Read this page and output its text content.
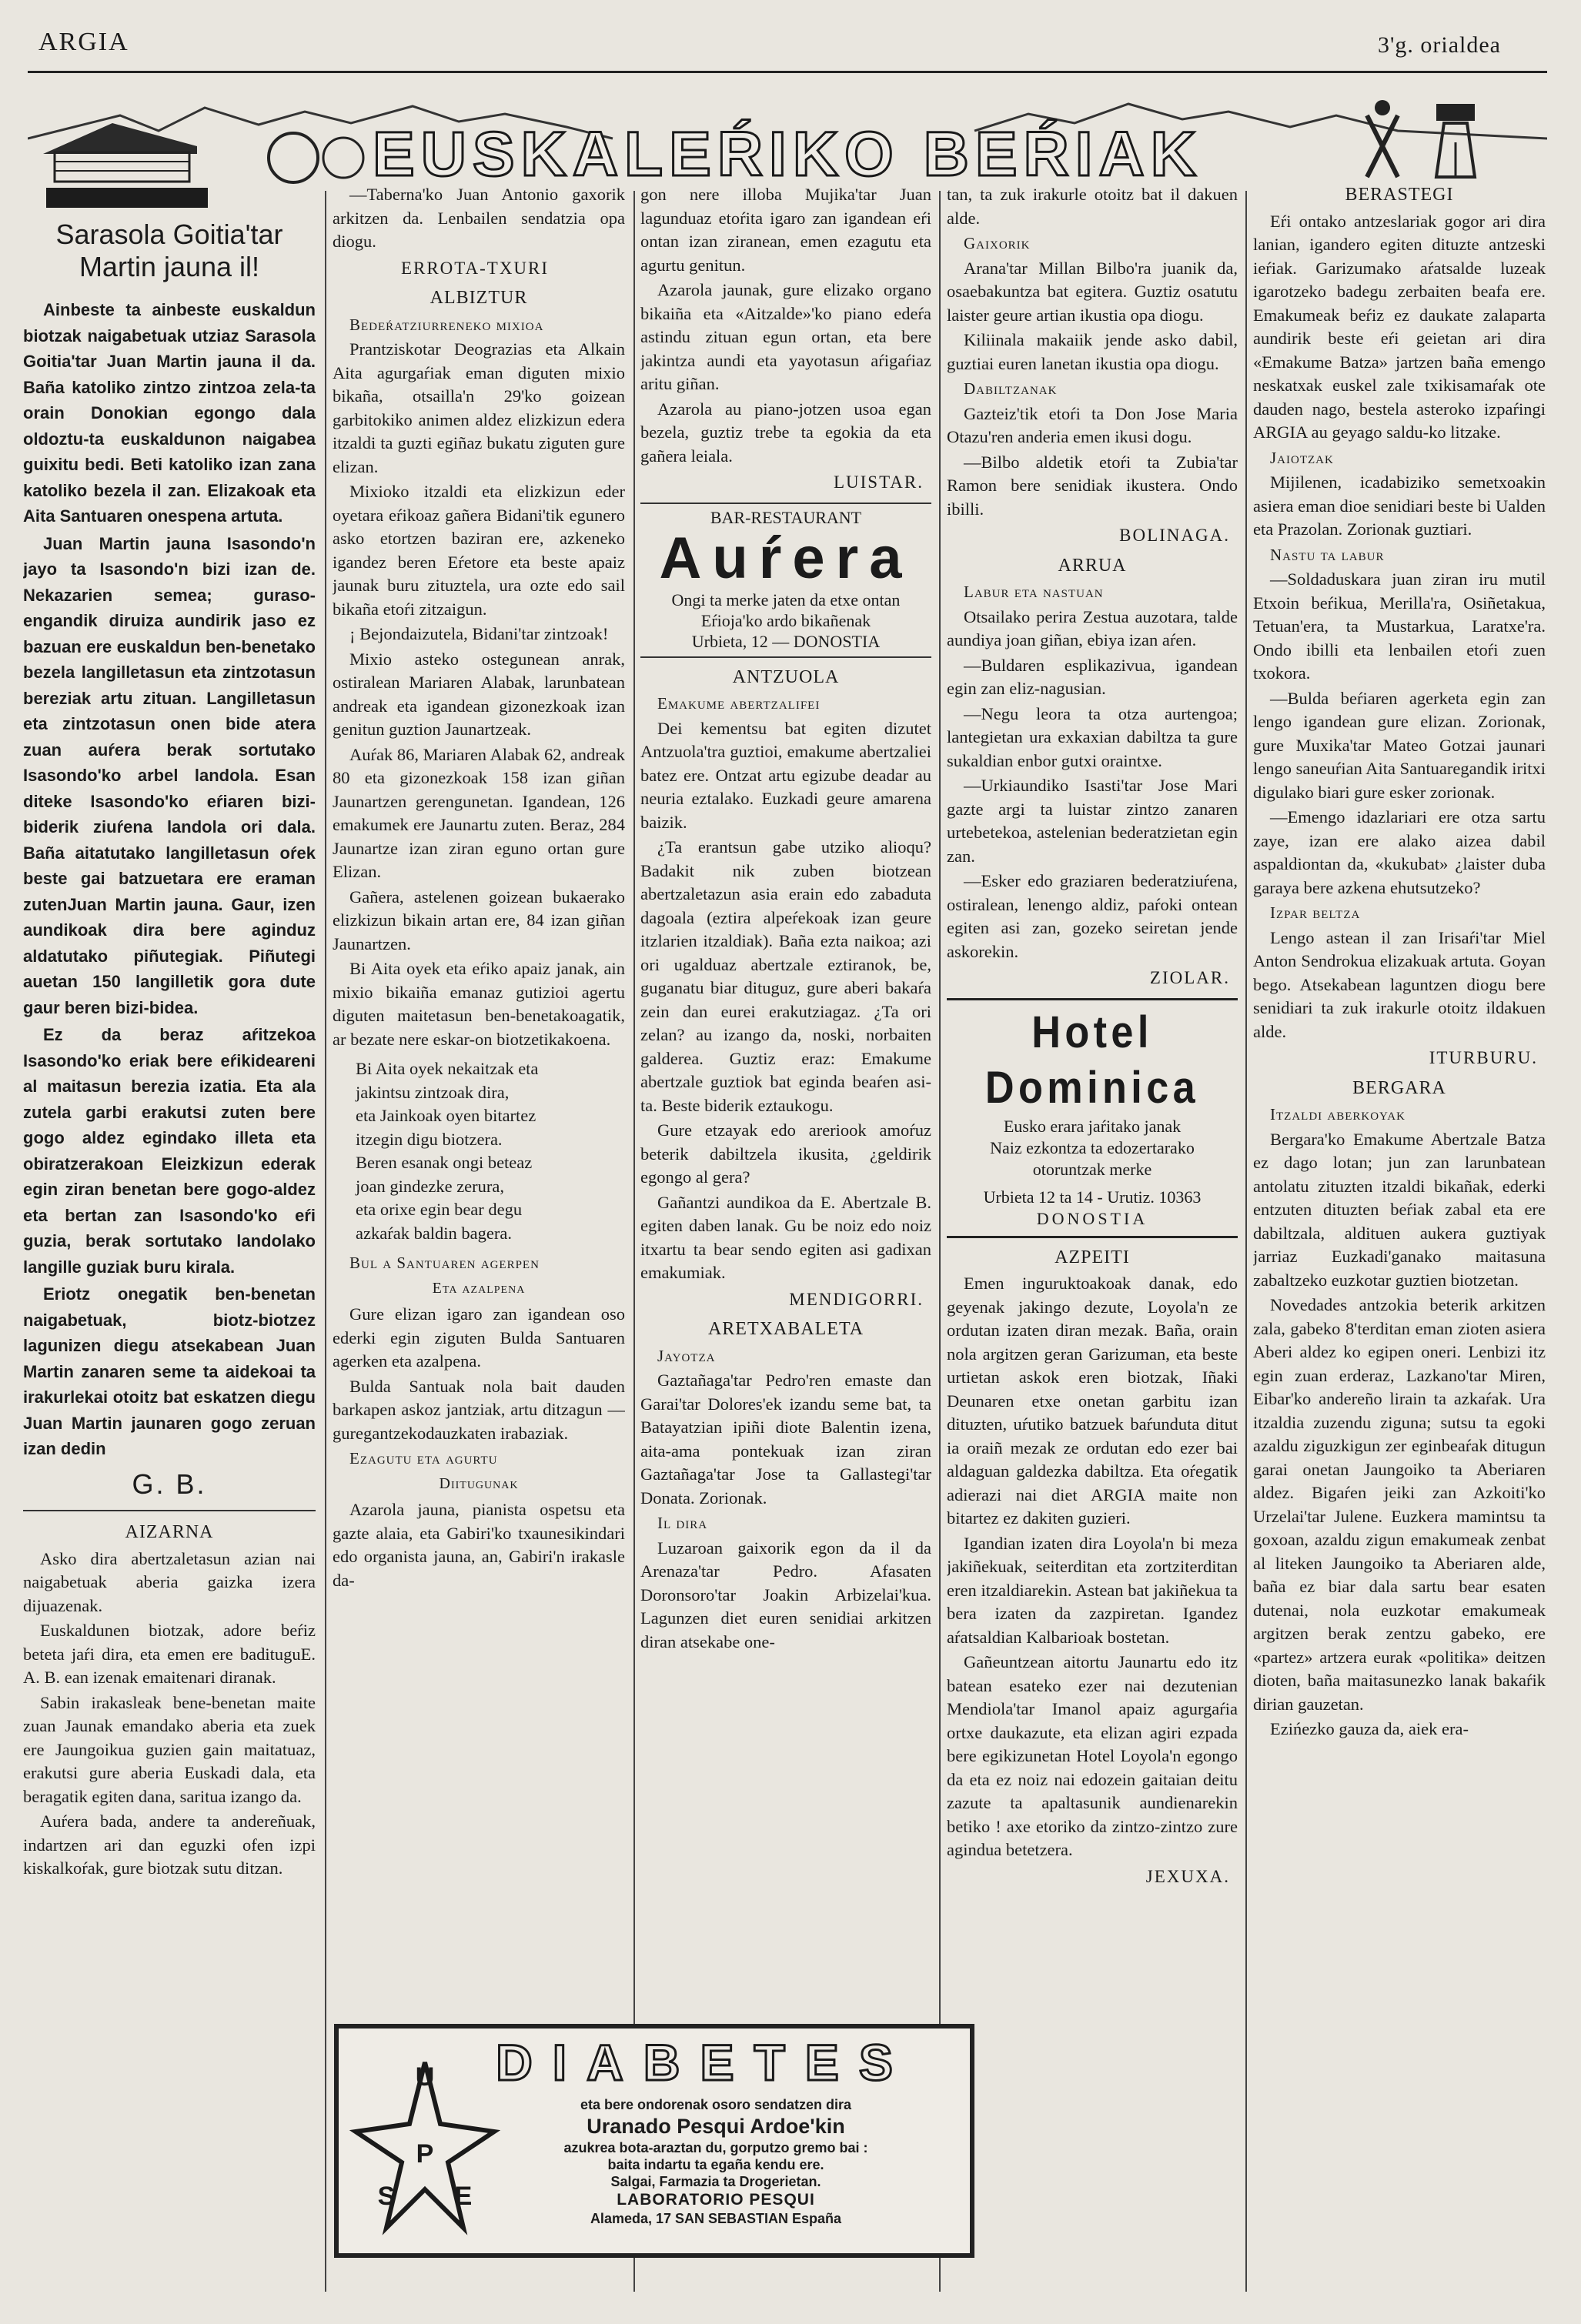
ARGIA	3'g. orialdea
EUSKALEŔIKO BEŔIAK
Sarasola Goitia'tar Martin jauna il!

Ainbeste ta ainbeste euskaldun biotzak naigabetuak utziaz Sarasola Goitia'tar Juan Martin jauna il da. Baña katoliko zintzo zintzoa zela-ta orain Donokian egongo dala oldoztu-ta euskaldunon naigabea guixitu bedi. Beti katoliko izan zana katoliko bezela il zan. Elizakoak eta Aita Santuaren onespena artuta.

Juan Martin jauna Isasondo'n jayo ta Isasondo'n bizi izan de. Nekazarien semea; guraso-engandik diruiza aundirik jaso ez bazuan ere euskaldun ben-benetako bezela langilletasun eta zintzotasun bereziak artu zituan. Langilletasun eta zintzotasun onen bide atera zuan auŕera berak sortutako Isasondo'ko arbel landola. Esan diteke Isasondo'ko eŕiaren bizi-biderik ziuŕena landola ori dala. Baña aitatutako langilletasun oŕek beste gai batzuetara ere eraman zutenJuan Martin jauna. Gaur, izen aundikoak dira bere aginduz aldatutako piñutegiak. Piñutegi auetan 150 langilletik gora dute gaur beren bizi-bidea.

Ez da beraz aŕitzekoa Isasondo'ko eriak bere eŕikideareni al maitasun berezia izatia. Eta ala zutela garbi erakutsi zuten bere gogo aldez egindako illeta eta obiratzerakoan Eleizkizun ederak egin ziran benetan bere gogo-aldez eta bertan zan Isasondo'ko eŕi guzia, berak sortutako landolako langille guziak buru kirala.

Eriotz onegatik ben-benetan naigabetuak, biotz-biotzez lagunizen diegu atsekabean Juan Martin zanaren seme ta aidekoai ta irakurlekai otoitz bat eskatzen diegu Juan Martin jaunaren gogo zeruan izan dedin

G. B.
AIZARNA

Asko dira abertzaletasun azian nai naigabetuak aberia gaizka izera dijuazenak.

Euskaldunen biotzak, adore beŕiz beteta jaŕi dira, eta emen ere badituguE. A. B. ean izenak emaitenari diranak.

Sabin irakasleak bene-benetan maite zuan Jaunak emandako aberia eta zuek ere Jaungoikua guzien gain maitatuaz, erakutsi gure aberia Euskadi dala, eta beragatik egiten dana, saritua izango da.

Auŕera bada, andere ta andereñuak, indartzen ari dan eguzki ofen izpi kiskalkoŕak, gure biotzak sutu ditzan.

—Taberna'ko Juan Antonio gaxorik arkitzen da. Lenbailen sendatzia opa diogu.

ERROTA-TXURI
ALBIZTUR

Bedeŕatziurreneko mixioa

Prantziskotar Deograzias eta Alkain Aita agurgaŕiak eman diguten mixio bikaña, otsailla'n 29'ko goizean garbitokiko animen aldez elizkizun edera itzaldi ta guzti egiñaz bukatu ziguten gure elizan.

Mixioko itzaldi eta elizkizun eder oyetara eŕikoaz gañera Bidani'tik egunero asko etortzen baziran ere, azkeneko igandez beren Eŕetore eta beste apaiz jaunak buru zituztela, ura ozte edo sail bikaña etoŕi zitzaigun.

¡ Bejondaizutela, Bidani'tar zintzoak!

Mixio asteko ostegunean anrak, ostiralean Mariaren Alabak, larunbatean andreak eta igandean gizonezkoak izan genitun guztion Jaunartzeak.

Auŕak 86, Mariaren Alabak 62, andreak 80 eta gizonezkoak 158 izan giñan Jaunartzen gerengunetan. Igandean, 126 emakumek ere Jaunartu zuten. Beraz, 284 Jaunartze izan ziran eguno ortan gure Elizan.

Gañera, astelenen goizean bukaerako elizkizun bikain artan ere, 84 izan giñan Jaunartzen.

Bi Aita oyek eta eŕiko apaiz janak, ain mixio bikaiña emanaz gutizioi agertu diguten maitetasun ben-benetakoagatik, ar bezate nere eskar-on biotzetikakoena.

Bi Aita oyek nekaitzak eta
jakintsu zintzoak dira,
eta Jainkoak oyen bitartez
itzegin digu biotzera.
Beren esanak ongi beteaz
joan gindezke zerura,
eta orixe egin bear degu
azkaŕak baldin bagera.

Bul a Santuaren agerpen

Eta azalpena

Gure elizan igaro zan igandean oso ederki egin ziguten Bulda Santuaren agerken eta azalpena.

Bulda Santuak nola bait dauden barkapen askoz jantziak, artu ditzagun —guregantzekodauzkaten irabaziak.

Ezagutu eta agurtu

Diitugunak

Azarola jauna, pianista ospetsu eta gazte alaia, eta Gabiri'ko txaunesikindari edo organista jauna, an, Gabiri'n irakasle da-

gon nere illoba Mujika'tar Juan lagunduaz etoŕita igaro zan igandean eŕi ontan izan ziranean, emen ezagutu eta agurtu genitun.

Azarola jaunak, gure elizako organo bikaiña eta «Aitzalde»'ko piano edeŕa astindu zituan egun ortan, eta bere jakintza aundi eta yayotasun aŕigaŕiaz aritu giñan.

Azarola au piano-jotzen usoa egan bezela, guztiz trebe ta egokia da eta gañera leiala.

LUISTAR.
BAR-RESTAURANT
Auŕera
Ongi ta merke jaten da etxe ontan
Eŕioja'ko ardo bikañenak
Urbieta, 12 — DONOSTIA
ANTZUOLA

Emakume abertzalifei

Dei kementsu bat egiten dizutet Antzuola'tra guztioi, emakume abertzaliei batez ere. Ontzat artu egizube deadar au neuria eztalako. Euzkadi geure amarena baizik.

¿Ta erantsun gabe utziko alioqu? Badakit nik zuben biotzean abertzaletazun asia erain edo zabaduta dagoala (eztira alpeŕekoak izan geure itzlarien itzaldiak). Baña ezta naikoa; azi ori ugalduaz abertzale eztiranok, be, guganatu biar dituguz, gure aberi bakaŕa zein dan eurei erakutziagaz. ¿Ta ori zelan? au izango da, noski, norbaiten galderea. Guztiz eraz: Emakume abertzale guztiok bat eginda beaŕen asi-ta. Beste biderik eztaukogu.

Gure etzayak edo areriook amoŕuz beterik dabiltzela ikusita, ¿geldirik egongo al gera?

Gañantzi aundikoa da E. Abertzale B. egiten daben lanak. Gu be noiz edo noiz itxartu ta bear sendo egiten asi gadixan emakumiak.

MENDIGORRI.
ARETXABALETA

Jayotza

Gaztañaga'tar Pedro'ren emaste dan Garai'tar Dolores'ek izandu seme bat, ta Batayatzian ipiñi diote Balentin izena, aita-ama pontekuak izan ziran Gaztañaga'tar Jose ta Gallastegi'tar Donata. Zorionak.

Il dira

Luzaroan gaixorik egon da il da Arenaza'tar Pedro. Afasaten Doronsoro'tar Joakin Arbizelai'kua. Lagunzen diet euren senidiai arkitzen diran atsekabe one-

tan, ta zuk irakurle otoitz bat il dakuen alde.

Gaixorik

Arana'tar Millan Bilbo'ra juanik da, osaebakuntza bat egitera. Guztiz osatutu laister geure artian ikustia opa diogu.

Kiliinala makaiik jende asko dabil, guztiai euren lanetan ikustia opa diogu.

Dabiltzanak

Gazteiz'tik etoŕi ta Don Jose Maria Otazu'ren anderia emen ikusi dogu.

—Bilbo aldetik etoŕi ta Zubia'tar Ramon bere senidiak ikustera. Ondo ibilli.

BOLINAGA.
ARRUA

Labur eta nastuan

Otsailako perira Zestua auzotara, talde aundiya joan giñan, ebiya izan aŕen.

—Buldaren esplikazivua, igandean egin zan eliz-nagusian.

—Negu leora ta otza aurtengoa; lantegietan ura exkaxian dabiltza ta gure sukaldian enbor gutxi oraintxe.

—Urkiaundiko Isasti'tar Jose Mari gazte argi ta luistar zintzo zanaren urtebetekoa, astelenian bederatzietan egin zan.

—Esker edo graziaren bederatziuŕena, ostiralean, lenengo aldiz, paŕoki ontean egiten asi zan, gozeko seiretan jende askorekin.

ZIOLAR.
Hotel Dominica
Eusko erara jaŕitako janak
Naiz ezkontza ta edozertarako
otoruntzak merke
Urbieta 12 ta 14 - Urutiz. 10363
DONOSTIA
AZPEITI

Emen inguruktoakoak danak, edo geyenak jakingo dezute, Loyola'n ze ordutan izaten diran mezak. Baña, orain nola argitzen geran Garizuman, eta beste urtietan askok eren biotzak, Iñaki Deunaren etxe onetan garbitu izan dituzten, uŕutiko batzuek baŕunduta ditut ia oraiñ mezak ze ordutan edo ezer bai aldaguan galdezka dabiltza. Eta oŕegatik adierazi nai diet ARGIA maite non bitartez ez dakiten guzieri.

Igandian izaten dira Loyola'n bi meza jakiñekuak, seiterditan eta zortziterditan eren itzaldiarekin. Astean bat jakiñekua ta bera izaten da zazpiretan. Igandez aŕatsaldian Kalbarioak bostetan.

Gañeuntzean aitortu Jaunartu edo itz batean esateko ezer nai dezutenian Mendiola'tar Imanol apaiz agurgaŕia ortxe daukazute, eta elizan agiri ezpada bere egikizunetan Hotel Loyola'n egongo da eta ez noiz nai edozein gaitaian deitu zazute ta apaltasunik aundienarekin betiko ! axe etoriko da zintzo-zintzo zure agindua betetzera.

JEXUXA.
BERASTEGI

Eŕi ontako antzeslariak gogor ari dira lanian, igandero egiten dituzte antzeski ieŕiak. Garizumako aŕatsalde luzeak igarotzeko badegu zerbaiten beafa ere. Emakumeak beŕiz ez daukate zalaparta aundirik beste eŕi geietan ari dira «Emakume Batza» jartzen baña emengo neskatxak euskel zale txikisamaŕak ote dauden nago, bestela asteroko izpaŕingi ARGIA au geyago saldu-ko litzake.

Jaiotzak

Mijilenen, icadabiziko semetxoakin asiera eman dioe senidiari beste bi Ualden eta Prazolan. Zorionak guztiari.

Nastu ta labur

—Soldaduskara juan ziran iru mutil Etxoin beŕikua, Merilla'ra, Osiñetakua, Tetuan'era, ta Mustarkua, Laratxe'ra. Ondo ibilli eta lenbailen etoŕi zuen txokora.

—Bulda beŕiaren agerketa egin zan lengo igandean gure elizan. Zorionak, gure Muxika'tar Mateo Gotzai jaunari lengo saneuŕian Aita Santuaregandik iritxi digulako biari gure esker zorionak.

—Emengo idazlariari ere otza sartu zaye, izan ere alako aizea dabil aspaldiontan da, «kukubat» ¿laister duba garaya bere azkena ehutsutzeko?

Izpar beltza

Lengo astean il zan Irisaŕi'tar Miel Anton Sendrokua elizakuak artuta. Goyan bego. Atsekabean laguntzen diogu bere senidiari ta zuk irakurle otoitz ildakuen alde.

ITURBURU.
BERGARA

Itzaldi aberkoyak

Bergara'ko Emakume Abertzale Batza ez dago lotan; jun zan larunbatean antolatu zituzten itzaldi bikañak, ederki entzuten dituzten beŕiak zabal eta ere dabiltzala, aldituen aukera guztiyak jarriaz Euzkadi'ganako maitasuna zabaltzeko euzkotar guztien biotzetan.

Novedades antzokia beterik arkitzen zala, gabeko 8'terditan eman zioten asiera Aberi aldez ko egipen oneri. Lenbizi itz egin zuan erderaz, Lazkano'tar Miren, Eibar'ko andereño lirain ta azkaŕak. Ura itzaldia zuzendu ziguna; sutsu ta egoki azaldu ziguzkigun zer eginbeaŕak ditugun garai onetan Jaungoiko ta Aberiaren aldez. Bigaŕen jeiki zan Azkoiti'ko Urzelai'tar Julene. Euzkera mamintsu ta goxoan, azaldu zigun emakumeak zenbat al liteken Jaungoiko ta Aberiaren alde, baña ez biar dala sartu bear esaten dutenai, nola euzkotar emakumeak argitzen berak zentzu gabeko, ere «partez» artzera eurak «politika» deitzen dioten, baña maitasunezko lanak bakaŕik dirian gauzetan.

Ezińezko gauza da, aiek era-

U
P
E
S
DIABETES
eta bere ondorenak osoro sendatzen dira
Uranado Pesqui Ardoe'kin
azukrea bota-araztan du, gorputzo gremo bai :
baita indartu ta egaña kendu ere.
Salgai, Farmazia ta Drogerietan.
LABORATORIO PESQUI
Alameda, 17 SAN SEBASTIAN España
